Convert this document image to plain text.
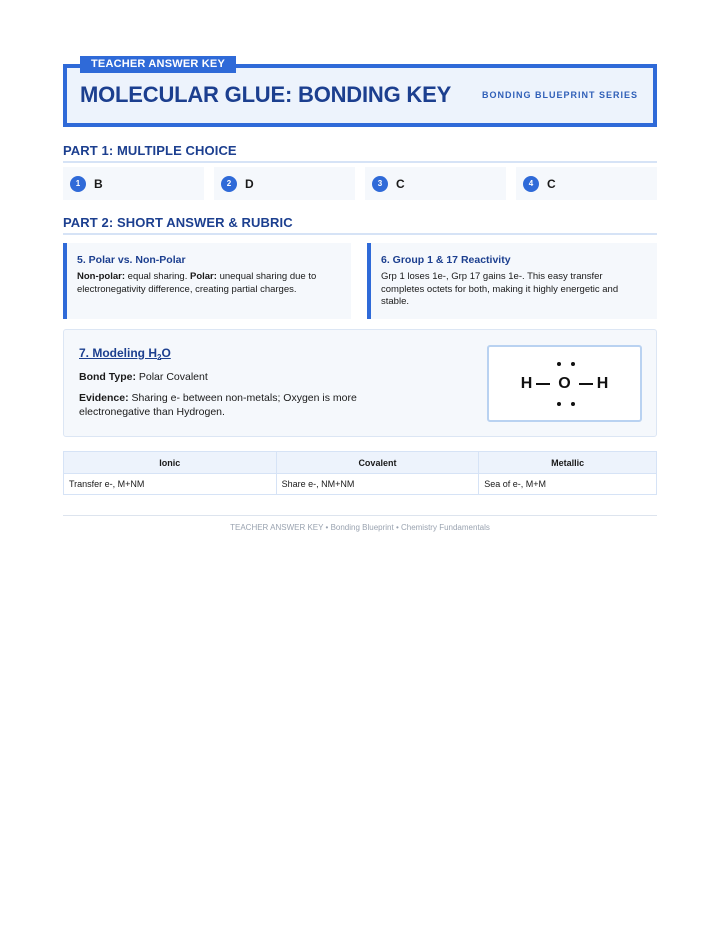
TEACHER ANSWER KEY
MOLECULAR GLUE: BONDING KEY	BONDING BLUEPRINT SERIES
PART 1: MULTIPLE CHOICE
1	B	2	D	3	C	4	C
PART 2: SHORT ANSWER & RUBRIC
5. Polar vs. Non-Polar
Non-polar: equal sharing. Polar: unequal sharing due to electronegativity difference, creating partial charges.
6. Group 1 & 17 Reactivity
Grp 1 loses 1e-, Grp 17 gains 1e-. This easy transfer completes octets for both, making it highly energetic and stable.
7. Modeling $H_2O$
Bond Type: Polar Covalent
Evidence: Sharing e- between non-metals; Oxygen is more electronegative than Hydrogen.
H O H
Ionic	Covalent	Metallic
Transfer e-, M+NM	Share e-, NM+NM	Sea of e-, M+M
TEACHER ANSWER KEY • Bonding Blueprint • Chemistry Fundamentals
